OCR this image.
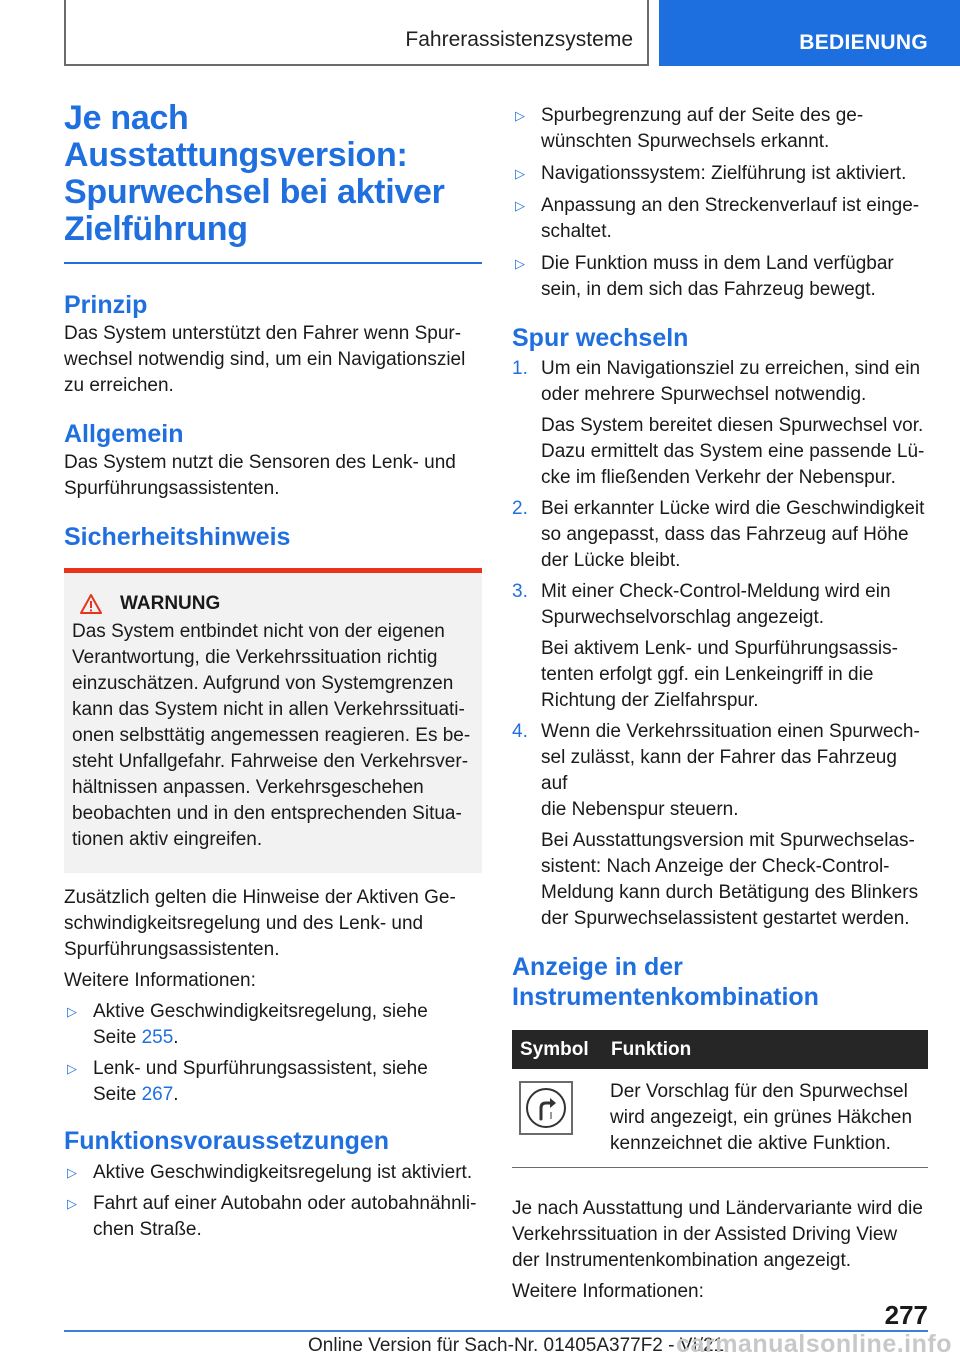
Fahrerassistenzsysteme	BEDIENUNG
Je nach
Ausstattungsversion:
Spurwechsel bei aktiver
Zielführung
Prinzip

Das System unterstützt den Fahrer wenn Spur-
wechsel notwendig sind, um ein Navigationsziel
zu erreichen.

Allgemein

Das System nutzt die Sensoren des Lenk- und
Spurführungsassistenten.

Sicherheitshinweis
WARNUNG

Das System entbindet nicht von der eigenen
Verantwortung, die Verkehrssituation richtig
einzuschätzen. Aufgrund von Systemgrenzen
kann das System nicht in allen Verkehrssituati-
onen selbsttätig angemessen reagieren. Es be-
steht Unfallgefahr. Fahrweise den Verkehrsver-
hältnissen anpassen. Verkehrsgeschehen
beobachten und in den entsprechenden Situa-
tionen aktiv eingreifen.

Zusätzlich gelten die Hinweise der Aktiven Ge-
schwindigkeitsregelung und des Lenk- und
Spurführungsassistenten.

Weitere Informationen:

▷ Aktive Geschwindigkeitsregelung, siehe
Seite 255.
▷ Lenk- und Spurführungsassistent, siehe
Seite 267.
Funktionsvoraussetzungen
▷ Aktive Geschwindigkeitsregelung ist aktiviert.
▷ Fahrt auf einer Autobahn oder autobahnähnli-
chen Straße.
▷ Spurbegrenzung auf der Seite des ge-
wünschten Spurwechsels erkannt.
▷ Navigationssystem: Zielführung ist aktiviert.
▷ Anpassung an den Streckenverlauf ist einge-
schaltet.
▷ Die Funktion muss in dem Land verfügbar
sein, in dem sich das Fahrzeug bewegt.
Spur wechseln
1. Um ein Navigationsziel zu erreichen, sind ein
oder mehrere Spurwechsel notwendig.
Das System bereitet diesen Spurwechsel vor.
Dazu ermittelt das System eine passende Lü-
cke im fließenden Verkehr der Nebenspur.
2. Bei erkannter Lücke wird die Geschwindigkeit
so angepasst, dass das Fahrzeug auf Höhe
der Lücke bleibt.
3. Mit einer Check-Control-Meldung wird ein
Spurwechselvorschlag angezeigt.
Bei aktivem Lenk- und Spurführungsassis-
tenten erfolgt ggf. ein Lenkeingriff in die
Richtung der Zielfahrspur.
4. Wenn die Verkehrssituation einen Spurwech-
sel zulässt, kann der Fahrer das Fahrzeug auf
die Nebenspur steuern.
Bei Ausstattungsversion mit Spurwechselas-
sistent: Nach Anzeige der Check-Control-
Meldung kann durch Betätigung des Blinkers
der Spurwechselassistent gestartet werden.
Anzeige in der
Instrumentenkombination
Symbol	Funktion

	Der Vorschlag für den Spurwechsel
wird angezeigt, ein grünes Häkchen
kennzeichnet die aktive Funktion.

Je nach Ausstattung und Ländervariante wird die
Verkehrssituation in der Assisted Driving View
der Instrumentenkombination angezeigt.

Weitere Informationen:

277
Online Version für Sach-Nr. 01405A377F2 - VI/21
carmanualsonline.info
